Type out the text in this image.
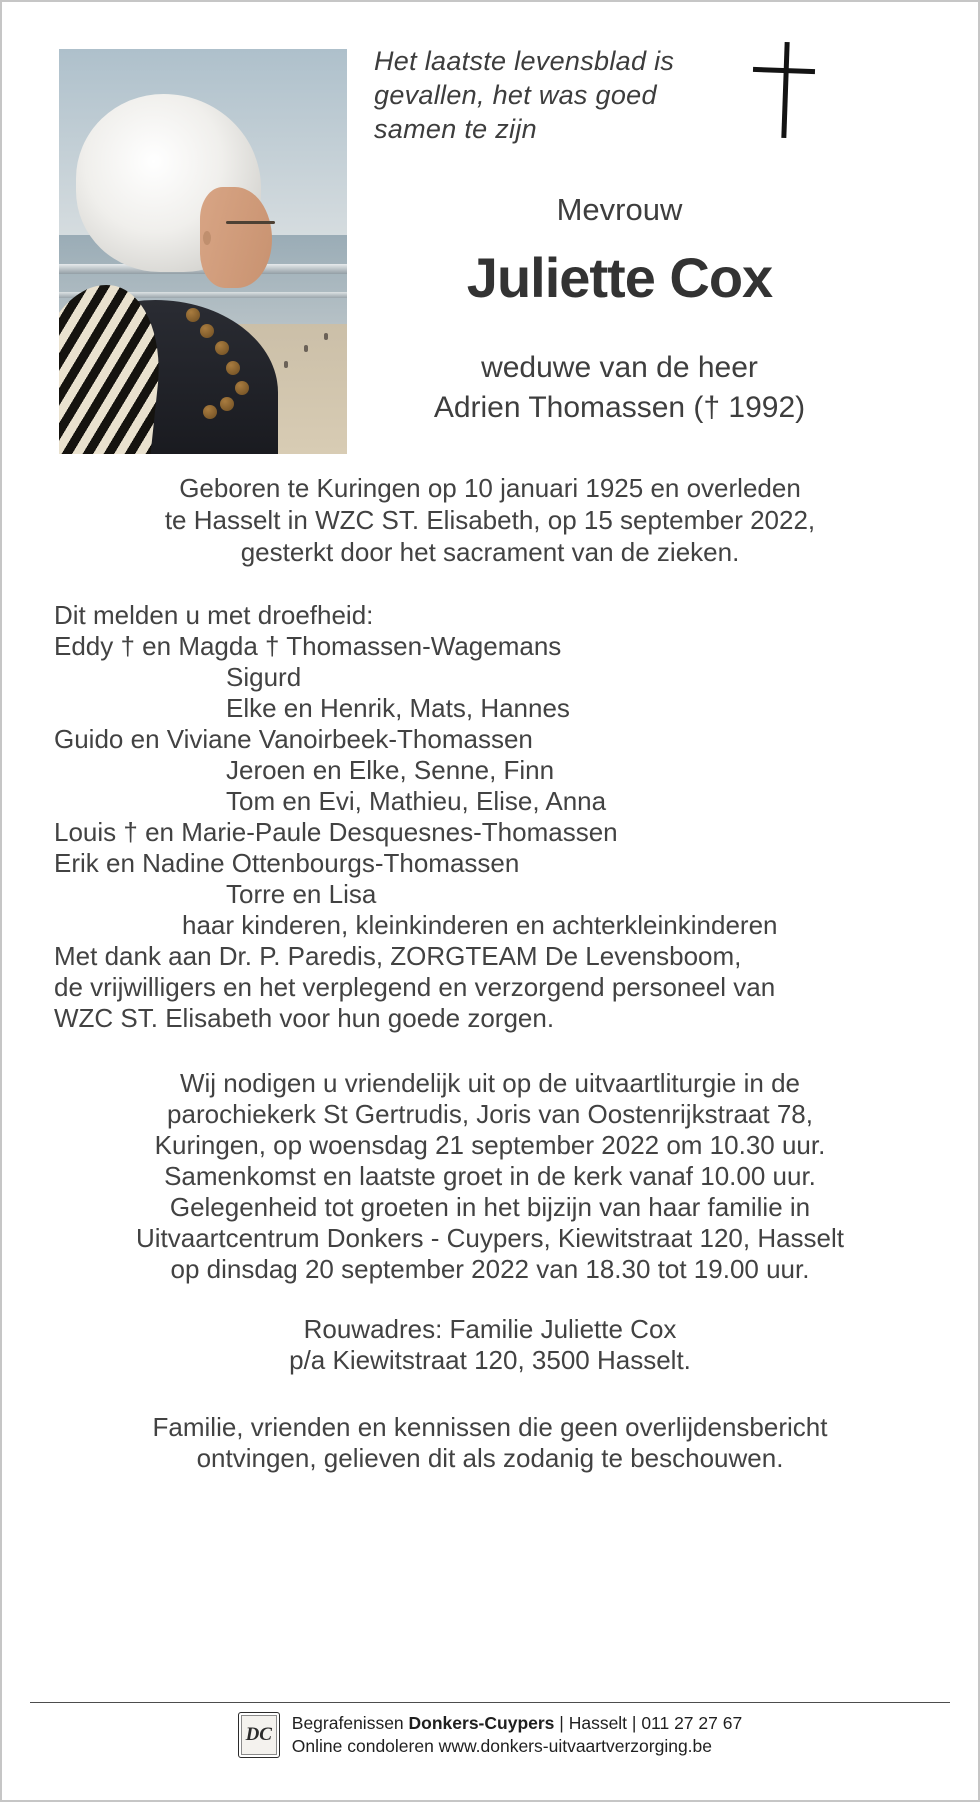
Het laatste levensblad is
gevallen, het was goed
samen te zijn
Mevrouw
Juliette Cox
weduwe van de heer
Adrien Thomassen († 1992)
Geboren te Kuringen op 10 januari 1925 en overleden
te Hasselt in WZC ST. Elisabeth, op 15 september 2022,
gesterkt door het sacrament van de zieken.
Dit melden u met droefheid:
Eddy † en Magda † Thomassen-Wagemans
Sigurd
Elke en Henrik, Mats, Hannes
Guido en Viviane Vanoirbeek-Thomassen
Jeroen en Elke, Senne, Finn
Tom en Evi, Mathieu, Elise, Anna
Louis † en Marie-Paule Desquesnes-Thomassen
Erik en Nadine Ottenbourgs-Thomassen
Torre en Lisa
haar kinderen, kleinkinderen en achterkleinkinderen
Met dank aan Dr. P. Paredis, ZORGTEAM De Levensboom,
de vrijwilligers en het verplegend en verzorgend personeel van
WZC ST. Elisabeth voor hun goede zorgen.
Wij nodigen u vriendelijk uit op de uitvaartliturgie in de
parochiekerk St Gertrudis, Joris van Oostenrijkstraat 78,
Kuringen, op woensdag 21 september 2022 om 10.30 uur.
Samenkomst en laatste groet in de kerk vanaf 10.00 uur.
Gelegenheid tot groeten in het bijzijn van haar familie in
Uitvaartcentrum Donkers - Cuypers, Kiewitstraat 120, Hasselt
op dinsdag 20 september 2022 van 18.30 tot 19.00 uur.
Rouwadres: Familie Juliette Cox
p/a Kiewitstraat 120, 3500 Hasselt.
Familie, vrienden en kennissen die geen overlijdensbericht
ontvingen, gelieven dit als zodanig te beschouwen.
DC
Begrafenissen Donkers-Cuypers | Hasselt | 011 27 27 67
Online condoleren www.donkers-uitvaartverzorging.be
